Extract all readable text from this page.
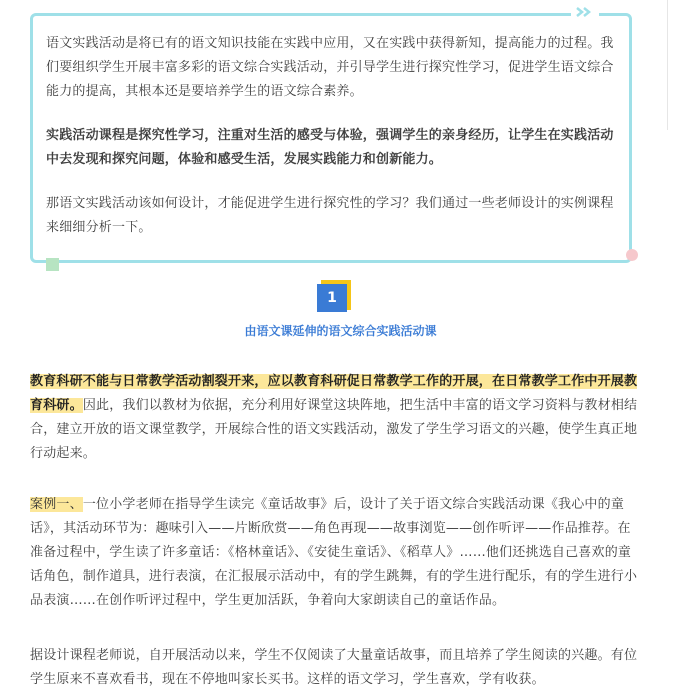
语文实践活动是将已有的语文知识技能在实践中应用，又在实践中获得新知，提高能力的过程。我们要组织学生开展丰富多彩的语文综合实践活动，并引导学生进行探究性学习，促进学生语文综合能力的提高，其根本还是要培养学生的语文综合素养。

实践活动课程是探究性学习，注重对生活的感受与体验，强调学生的亲身经历，让学生在实践活动中去发现和探究问题，体验和感受生活，发展实践能力和创新能力。

那语文实践活动该如何设计，才能促进学生进行探究性的学习？我们通过一些老师设计的实例课程来细细分析一下。

1
由语文课延伸的语文综合实践活动课

教育科研不能与日常教学活动割裂开来，应以教育科研促日常教学工作的开展，在日常教学工作中开展教育科研。因此，我们以教材为依据，充分利用好课堂这块阵地，把生活中丰富的语文学习资料与教材相结合，建立开放的语文课堂教学，开展综合性的语文实践活动，激发了学生学习语文的兴趣，使学生真正地行动起来。

案例一、一位小学老师在指导学生读完《童话故事》后，设计了关于语文综合实践活动课《我心中的童话》，其活动环节为：趣味引入——片断欣赏——角色再现——故事浏览——创作听评——作品推荐。在准备过程中，学生读了许多童话：《格林童话》、《安徒生童话》、《稻草人》……他们还挑选自己喜欢的童话角色，制作道具，进行表演，在汇报展示活动中，有的学生跳舞，有的学生进行配乐，有的学生进行小品表演……在创作听评过程中，学生更加活跃，争着向大家朗读自己的童话作品。

据设计课程老师说，自开展活动以来，学生不仅阅读了大量童话故事，而且培养了学生阅读的兴趣。有位学生原来不喜欢看书，现在不停地叫家长买书。这样的语文学习，学生喜欢，学有收获。
